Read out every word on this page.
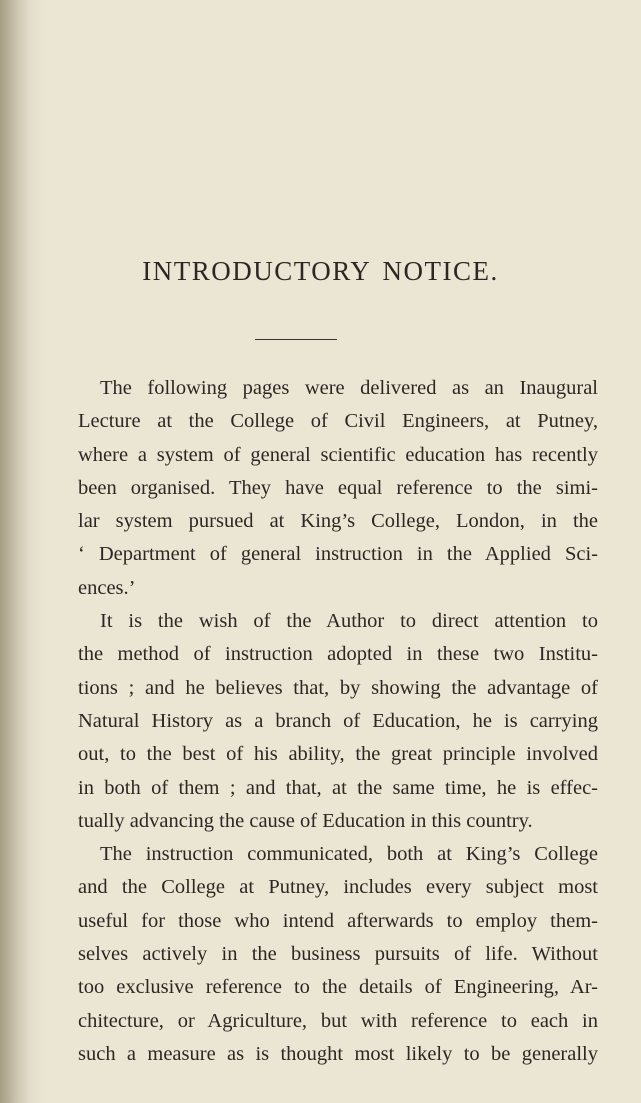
INTRODUCTORY NOTICE.
The following pages were delivered as an Inaugural
Lecture at the College of Civil Engineers, at Putney,
where a system of general scientific education has recently
been organised. They have equal reference to the simi-
lar system pursued at King’s College, London, in the
‘ Department of general instruction in the Applied Sci-
ences.’
It is the wish of the Author to direct attention to
the method of instruction adopted in these two Institu-
tions ; and he believes that, by showing the advantage of
Natural History as a branch of Education, he is carrying
out, to the best of his ability, the great principle involved
in both of them ; and that, at the same time, he is effec-
tually advancing the cause of Education in this country.
The instruction communicated, both at King’s College
and the College at Putney, includes every subject most
useful for those who intend afterwards to employ them-
selves actively in the business pursuits of life. Without
too exclusive reference to the details of Engineering, Ar-
chitecture, or Agriculture, but with reference to each in
such a measure as is thought most likely to be generally
